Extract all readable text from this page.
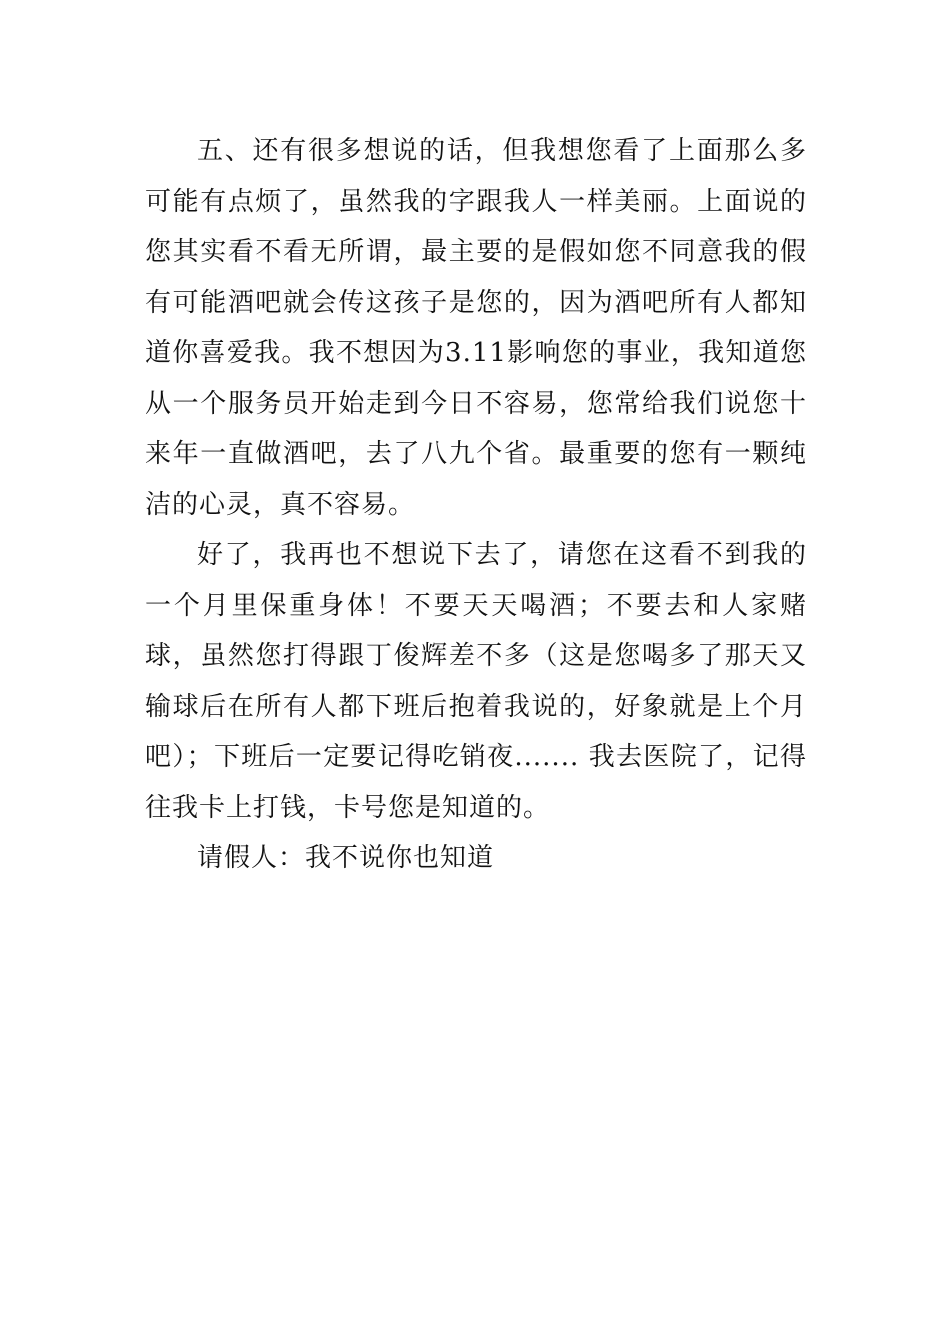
五、还有很多想说的话，但我想您看了上面那么多可能有点烦了，虽然我的字跟我人一样美丽。上面说的您其实看不看无所谓，最主要的是假如您不同意我的假有可能酒吧就会传这孩子是您的，因为酒吧所有人都知道你喜爱我。我不想因为3.11影响您的事业，我知道您从一个服务员开始走到今日不容易，您常给我们说您十来年一直做酒吧，去了八九个省。最重要的您有一颗纯洁的心灵，真不容易。

好了，我再也不想说下去了，请您在这看不到我的一个月里保重身体！不要天天喝酒；不要去和人家赌球，虽然您打得跟丁俊辉差不多（这是您喝多了那天又输球后在所有人都下班后抱着我说的，好象就是上个月吧）；下班后一定要记得吃销夜....... 我去医院了，记得往我卡上打钱，卡号您是知道的。

请假人：我不说你也知道
